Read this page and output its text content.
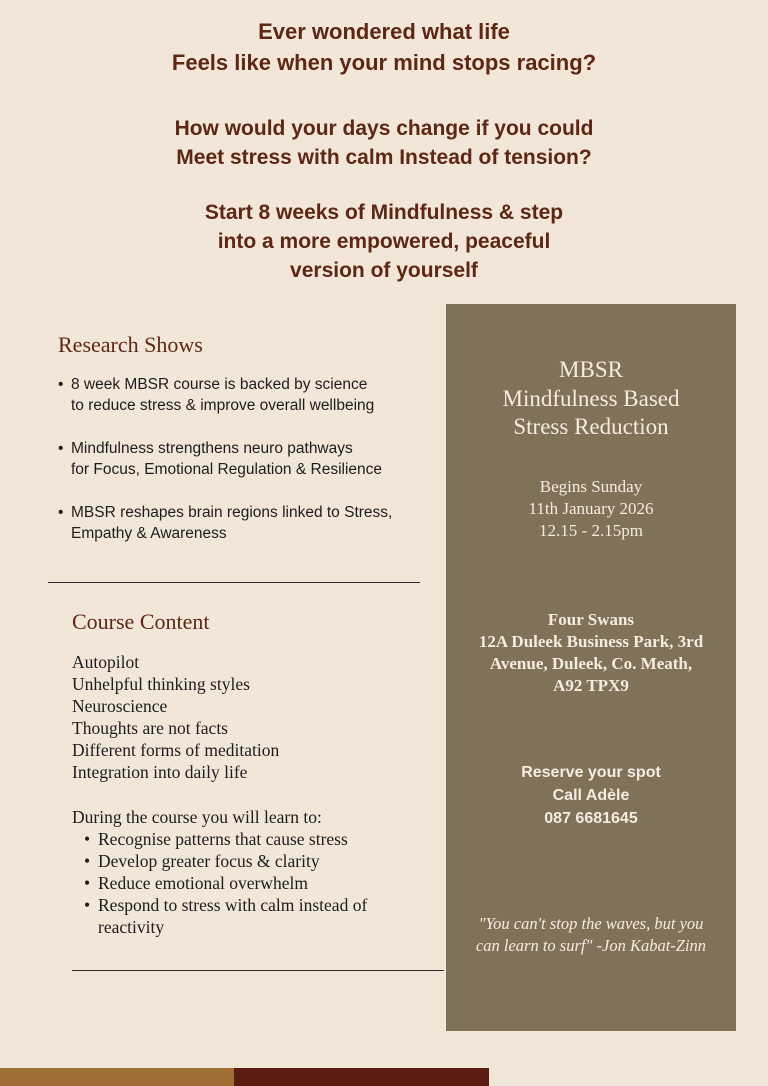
Ever wondered what life

Feels like when your mind stops racing?

How would your days change if you could

Meet stress with calm Instead of tension?

Start 8 weeks of Mindfulness & step

into a more empowered, peaceful

version of yourself

Research Shows
• 8 week MBSR course is backed by science
to reduce stress & improve overall wellbeing
• Mindfulness strengthens neuro pathways
for Focus, Emotional Regulation & Resilience
• MBSR reshapes brain regions linked to Stress,
Empathy & Awareness
Course Content
Autopilot
Unhelpful thinking styles
Neuroscience
Thoughts are not facts
Different forms of meditation
Integration into daily life
During the course you will learn to:
• Recognise patterns that cause stress
• Develop greater focus & clarity
• Reduce emotional overwhelm
• Respond to stress with calm instead of reactivity
MBSR
Mindfulness Based
Stress Reduction
Begins Sunday
11th January 2026
12.15 - 2.15pm
Four Swans
12A Duleek Business Park, 3rd Avenue, Duleek, Co. Meath, A92 TPX9
Reserve your spot
Call Adèle
087 6681645
"You can't stop the waves, but you can learn to surf" -Jon Kabat-Zinn
